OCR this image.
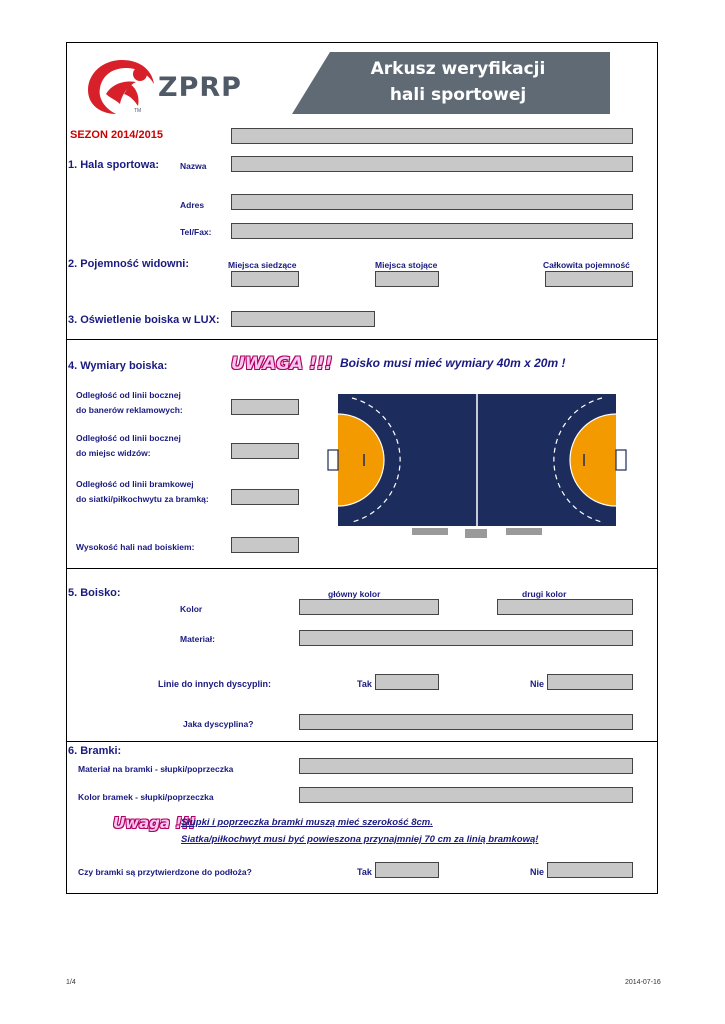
ZPRP
TM
Arkusz weryfikacji
hali sportowej
SEZON 2014/2015
1. Hala sportowa: Nazwa
Adres
Tel/Fax:
2. Pojemność widowni:	Miejsca siedzące	Miejsca stojące	Całkowita pojemność
3. Oświetlenie boiska w LUX:
4. Wymiary boiska:	UWAGA !!! Boisko musi mieć wymiary 40m x 20m !
Odległość od linii bocznej
do banerów reklamowych:
Odległość od linii bocznej
do miejsc widzów:
Odległość od linii bramkowej
do siatki/piłkochwytu za bramką:
Wysokość hali nad boiskiem:
5. Boisko:	główny kolor	drugi kolor
Kolor
Materiał:
Linie do innych dyscyplin:	Tak	Nie
Jaka dyscyplina?
6. Bramki:
Materiał na bramki - słupki/poprzeczka
Kolor bramek - słupki/poprzeczka
Uwaga !!!
Słupki i poprzeczka bramki muszą mieć szerokość 8cm.
Siatka/piłkochwyt musi być powieszona przynajmniej 70 cm za linią bramkową!
Czy bramki są przytwierdzone do podłoża?	Tak	Nie
1/4	2014-07-16
